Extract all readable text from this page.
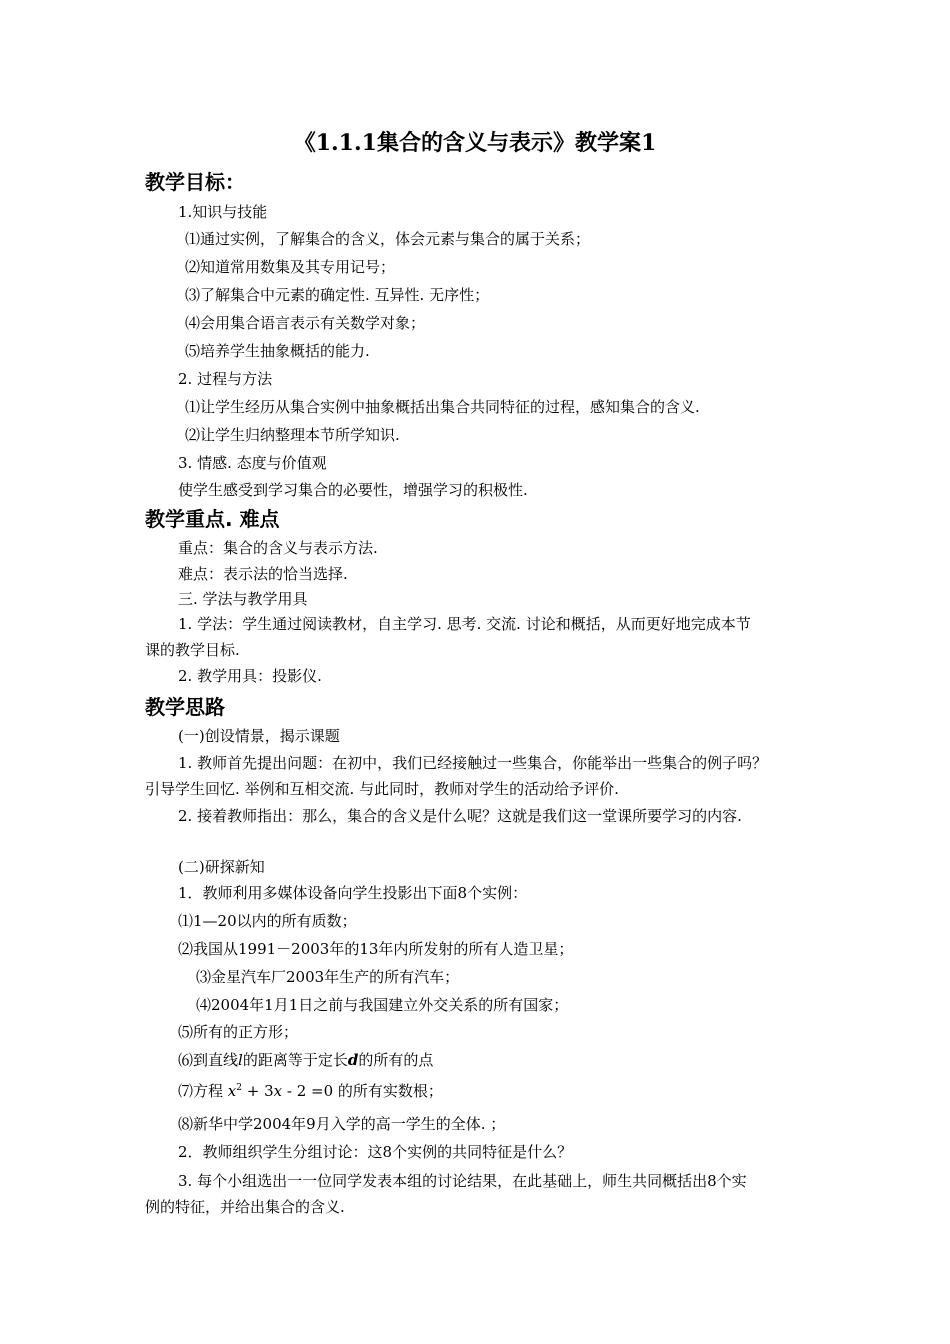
《1.1.1集合的含义与表示》教学案1
教学目标：
1.知识与技能
⑴通过实例，了解集合的含义，体会元素与集合的属于关系；
⑵知道常用数集及其专用记号；
⑶了解集合中元素的确定性. 互异性. 无序性；
⑷会用集合语言表示有关数学对象；
⑸培养学生抽象概括的能力.
2. 过程与方法
⑴让学生经历从集合实例中抽象概括出集合共同特征的过程，感知集合的含义.
⑵让学生归纳整理本节所学知识.
3. 情感. 态度与价值观
使学生感受到学习集合的必要性，增强学习的积极性.
教学重点. 难点
重点：集合的含义与表示方法.
难点：表示法的恰当选择.
三. 学法与教学用具
1. 学法：学生通过阅读教材，自主学习. 思考. 交流. 讨论和概括，从而更好地完成本节
课的教学目标.
2. 教学用具：投影仪.
教学思路
(一)创设情景，揭示课题
1. 教师首先提出问题：在初中，我们已经接触过一些集合，你能举出一些集合的例子吗？
引导学生回忆. 举例和互相交流. 与此同时，教师对学生的活动给予评价.
2. 接着教师指出：那么，集合的含义是什么呢？这就是我们这一堂课所要学习的内容.
(二)研探新知
1．教师利用多媒体设备向学生投影出下面8个实例：
⑴1—20以内的所有质数；
⑵我国从1991－2003年的13年内所发射的所有人造卫星；
⑶金星汽车厂2003年生产的所有汽车；
⑷2004年1月1日之前与我国建立外交关系的所有国家；
⑸所有的正方形；
⑹到直线l的距离等于定长d的所有的点
⑺方程 $x^2 + 3x - 2 =0$ 的所有实数根；
⑻新华中学2004年9月入学的高一学生的全体. ；
2．教师组织学生分组讨论：这8个实例的共同特征是什么？
3. 每个小组选出一一位同学发表本组的讨论结果，在此基础上，师生共同概括出8个实
例的特征，并给出集合的含义.
